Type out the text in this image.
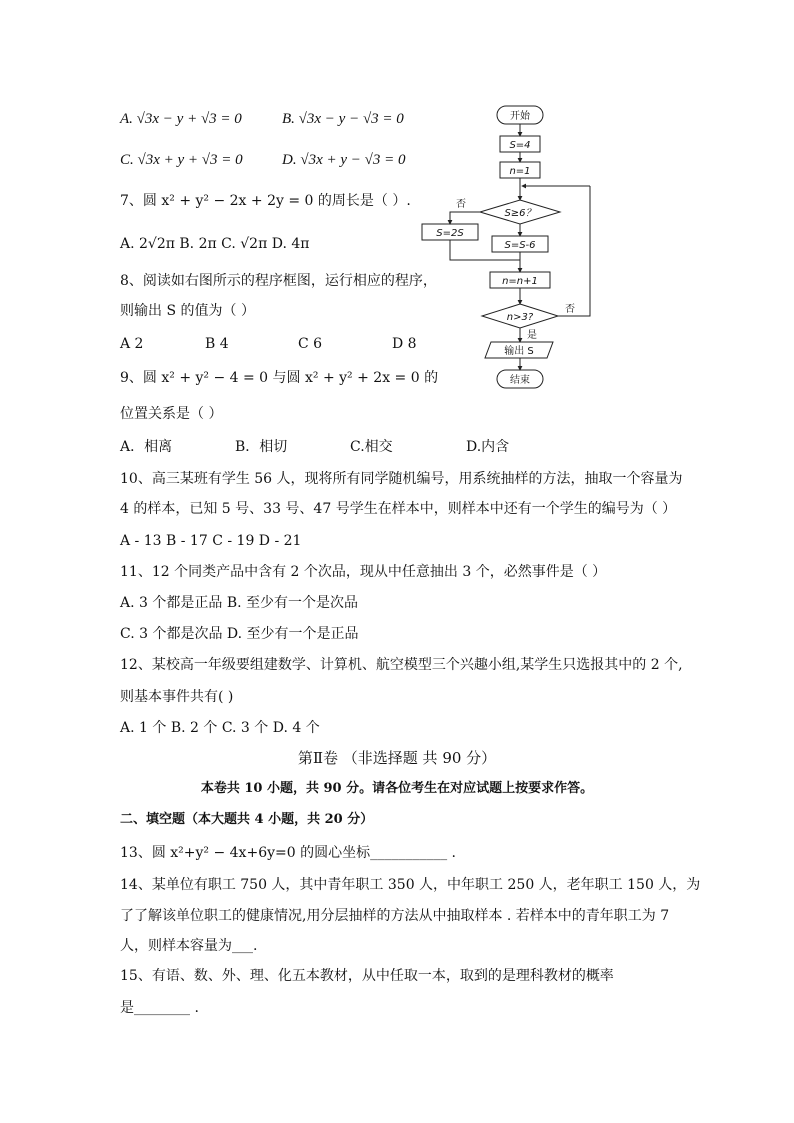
A. √3x − y + √3 = 0	B. √3x − y − √3 = 0
C. √3x + y + √3 = 0	D. √3x + y − √3 = 0
7、圆 x² + y² − 2x + 2y = 0 的周长是（ ）.
A. 2√2π B. 2π C. √2π D. 4π
8、阅读如右图所示的程序框图，运行相应的程序，
则输出 S 的值为（ ）
A 2	B 4	C 6	D 8
9、圆 x² + y² − 4 = 0 与圆 x² + y² + 2x = 0 的
位置关系是（ ）
A．相离	B．相切	C.相交	D.内含
10、高三某班有学生 56 人，现将所有同学随机编号，用系统抽样的方法，抽取一个容量为
4 的样本，已知 5 号、33 号、47 号学生在样本中，则样本中还有一个学生的编号为（ ）
A - 13 B - 17 C - 19 D - 21
11、12 个同类产品中含有 2 个次品，现从中任意抽出 3 个，必然事件是（ ）
A. 3 个都是正品 B. 至少有一个是次品
C. 3 个都是次品 D. 至少有一个是正品
12、某校高一年级要组建数学、计算机、航空模型三个兴趣小组,某学生只选报其中的 2 个,
则基本事件共有( )
A. 1 个 B. 2 个 C. 3 个 D. 4 个
第Ⅱ卷 （非选择题 共 90 分）
本卷共 10 小题，共 90 分。请各位考生在对应试题上按要求作答。
二、填空题（本大题共 4 小题，共 20 分）
13、圆 x²+y² − 4x+6y=0 的圆心坐标___________ .
14、某单位有职工 750 人，其中青年职工 350 人，中年职工 250 人，老年职工 150 人，为
了了解该单位职工的健康情况,用分层抽样的方法从中抽取样本 . 若样本中的青年职工为 7
人，则样本容量为___.
15、有语、数、外、理、化五本教材，从中任取一本，取到的是理科教材的概率
是________ .
开始
S=4
n=1
S≥6？
否
S=S-6
S=2S
n=n+1
n>3?
是
否
输出 S
结束
